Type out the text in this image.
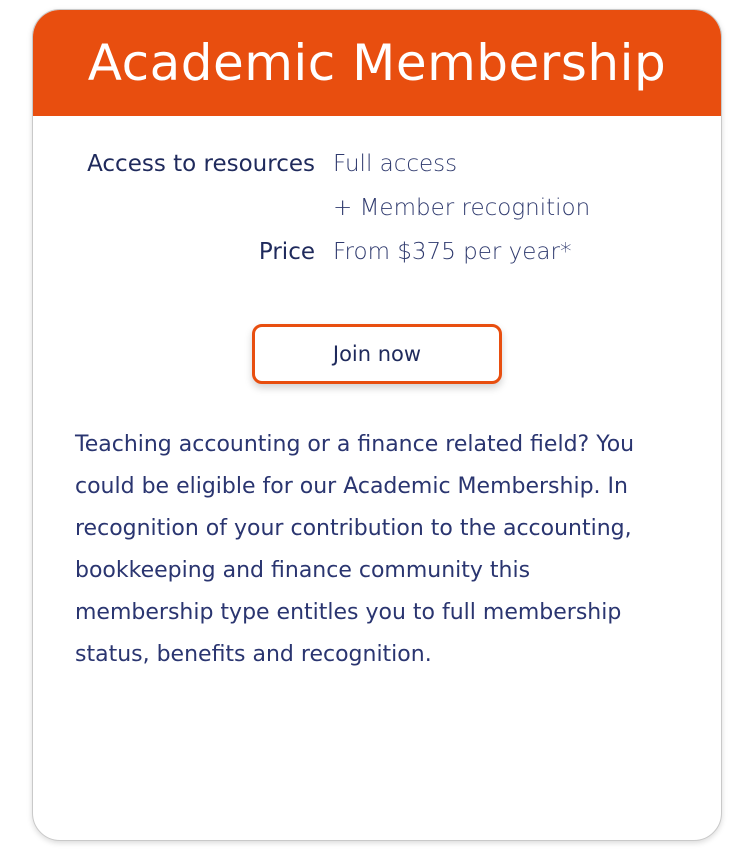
Academic Membership
Access to resources Full access
+ Member recognition
Price From $375 per year*
Join now

Teaching accounting or a finance related field? You could be eligible for our Academic Membership. In recognition of your contribution to the accounting, bookkeeping and finance community this membership type entitles you to full membership status, benefits and recognition.
